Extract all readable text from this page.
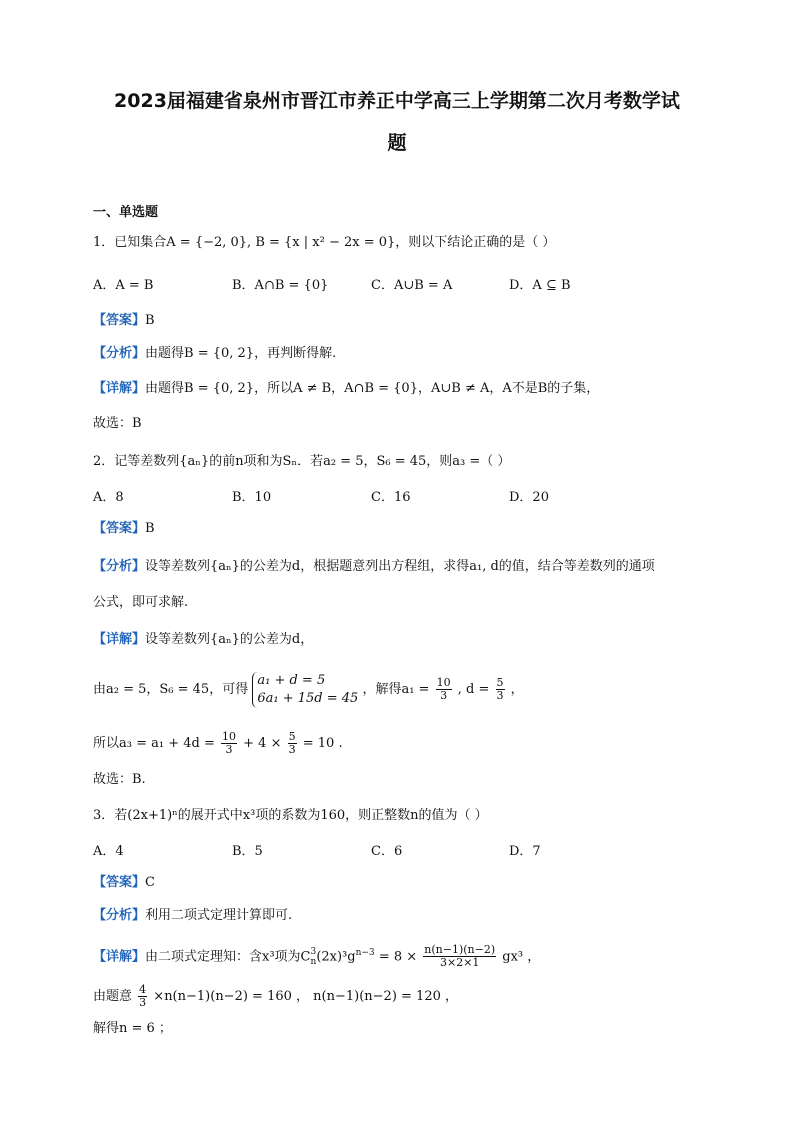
2023届福建省泉州市晋江市养正中学高三上学期第二次月考数学试
题
一、单选题
1．已知集合A = {−2, 0}, B = {x | x² − 2x = 0}，则以下结论正确的是（ ）
A．A = B	B．A∩B = {0}	C．A∪B = A	D．A ⊆ B
【答案】B
【分析】由题得B = {0, 2}，再判断得解.
【详解】由题得B = {0, 2}，所以A ≠ B，A∩B = {0}，A∪B ≠ A，A不是B的子集，
故选：B
2．记等差数列{aₙ}的前n项和为Sₙ．若a₂ = 5，S₆ = 45，则a₃ =（ ）
A．8	B．10	C．16	D．20
【答案】B
【分析】设等差数列{aₙ}的公差为d，根据题意列出方程组，求得a₁, d的值，结合等差数列的通项
公式，即可求解.
【详解】设等差数列{aₙ}的公差为d，
由a₂ = 5，S₆ = 45，可得
a₁ + d = 5
6a₁ + 15d = 45
，解得$a_1 = \frac{10}{3}$ , $d = \frac{5}{3}$ ，
所以$a_3 = a_1 + 4d = \frac{10}{3} + 4 \times \frac{5}{3} = 10$ .
故选：B.
3．若(2x+1)ⁿ的展开式中x³项的系数为160，则正整数n的值为（ ）
A．4	B．5	C．6	D．7
【答案】C
【分析】利用二项式定理计算即可.
【详解】由二项式定理知：含x³项为C 3
n $(2x)^3g^{n-3} = 8 \times \frac{n(n-1)(n-2)}{3\times 2\times 1} gx^3$ ，
由题意 $\frac{4}{3} \times n(n-1)(n-2) = 160$ ， n(n−1)(n−2) = 120 ，
解得n = 6 ；
